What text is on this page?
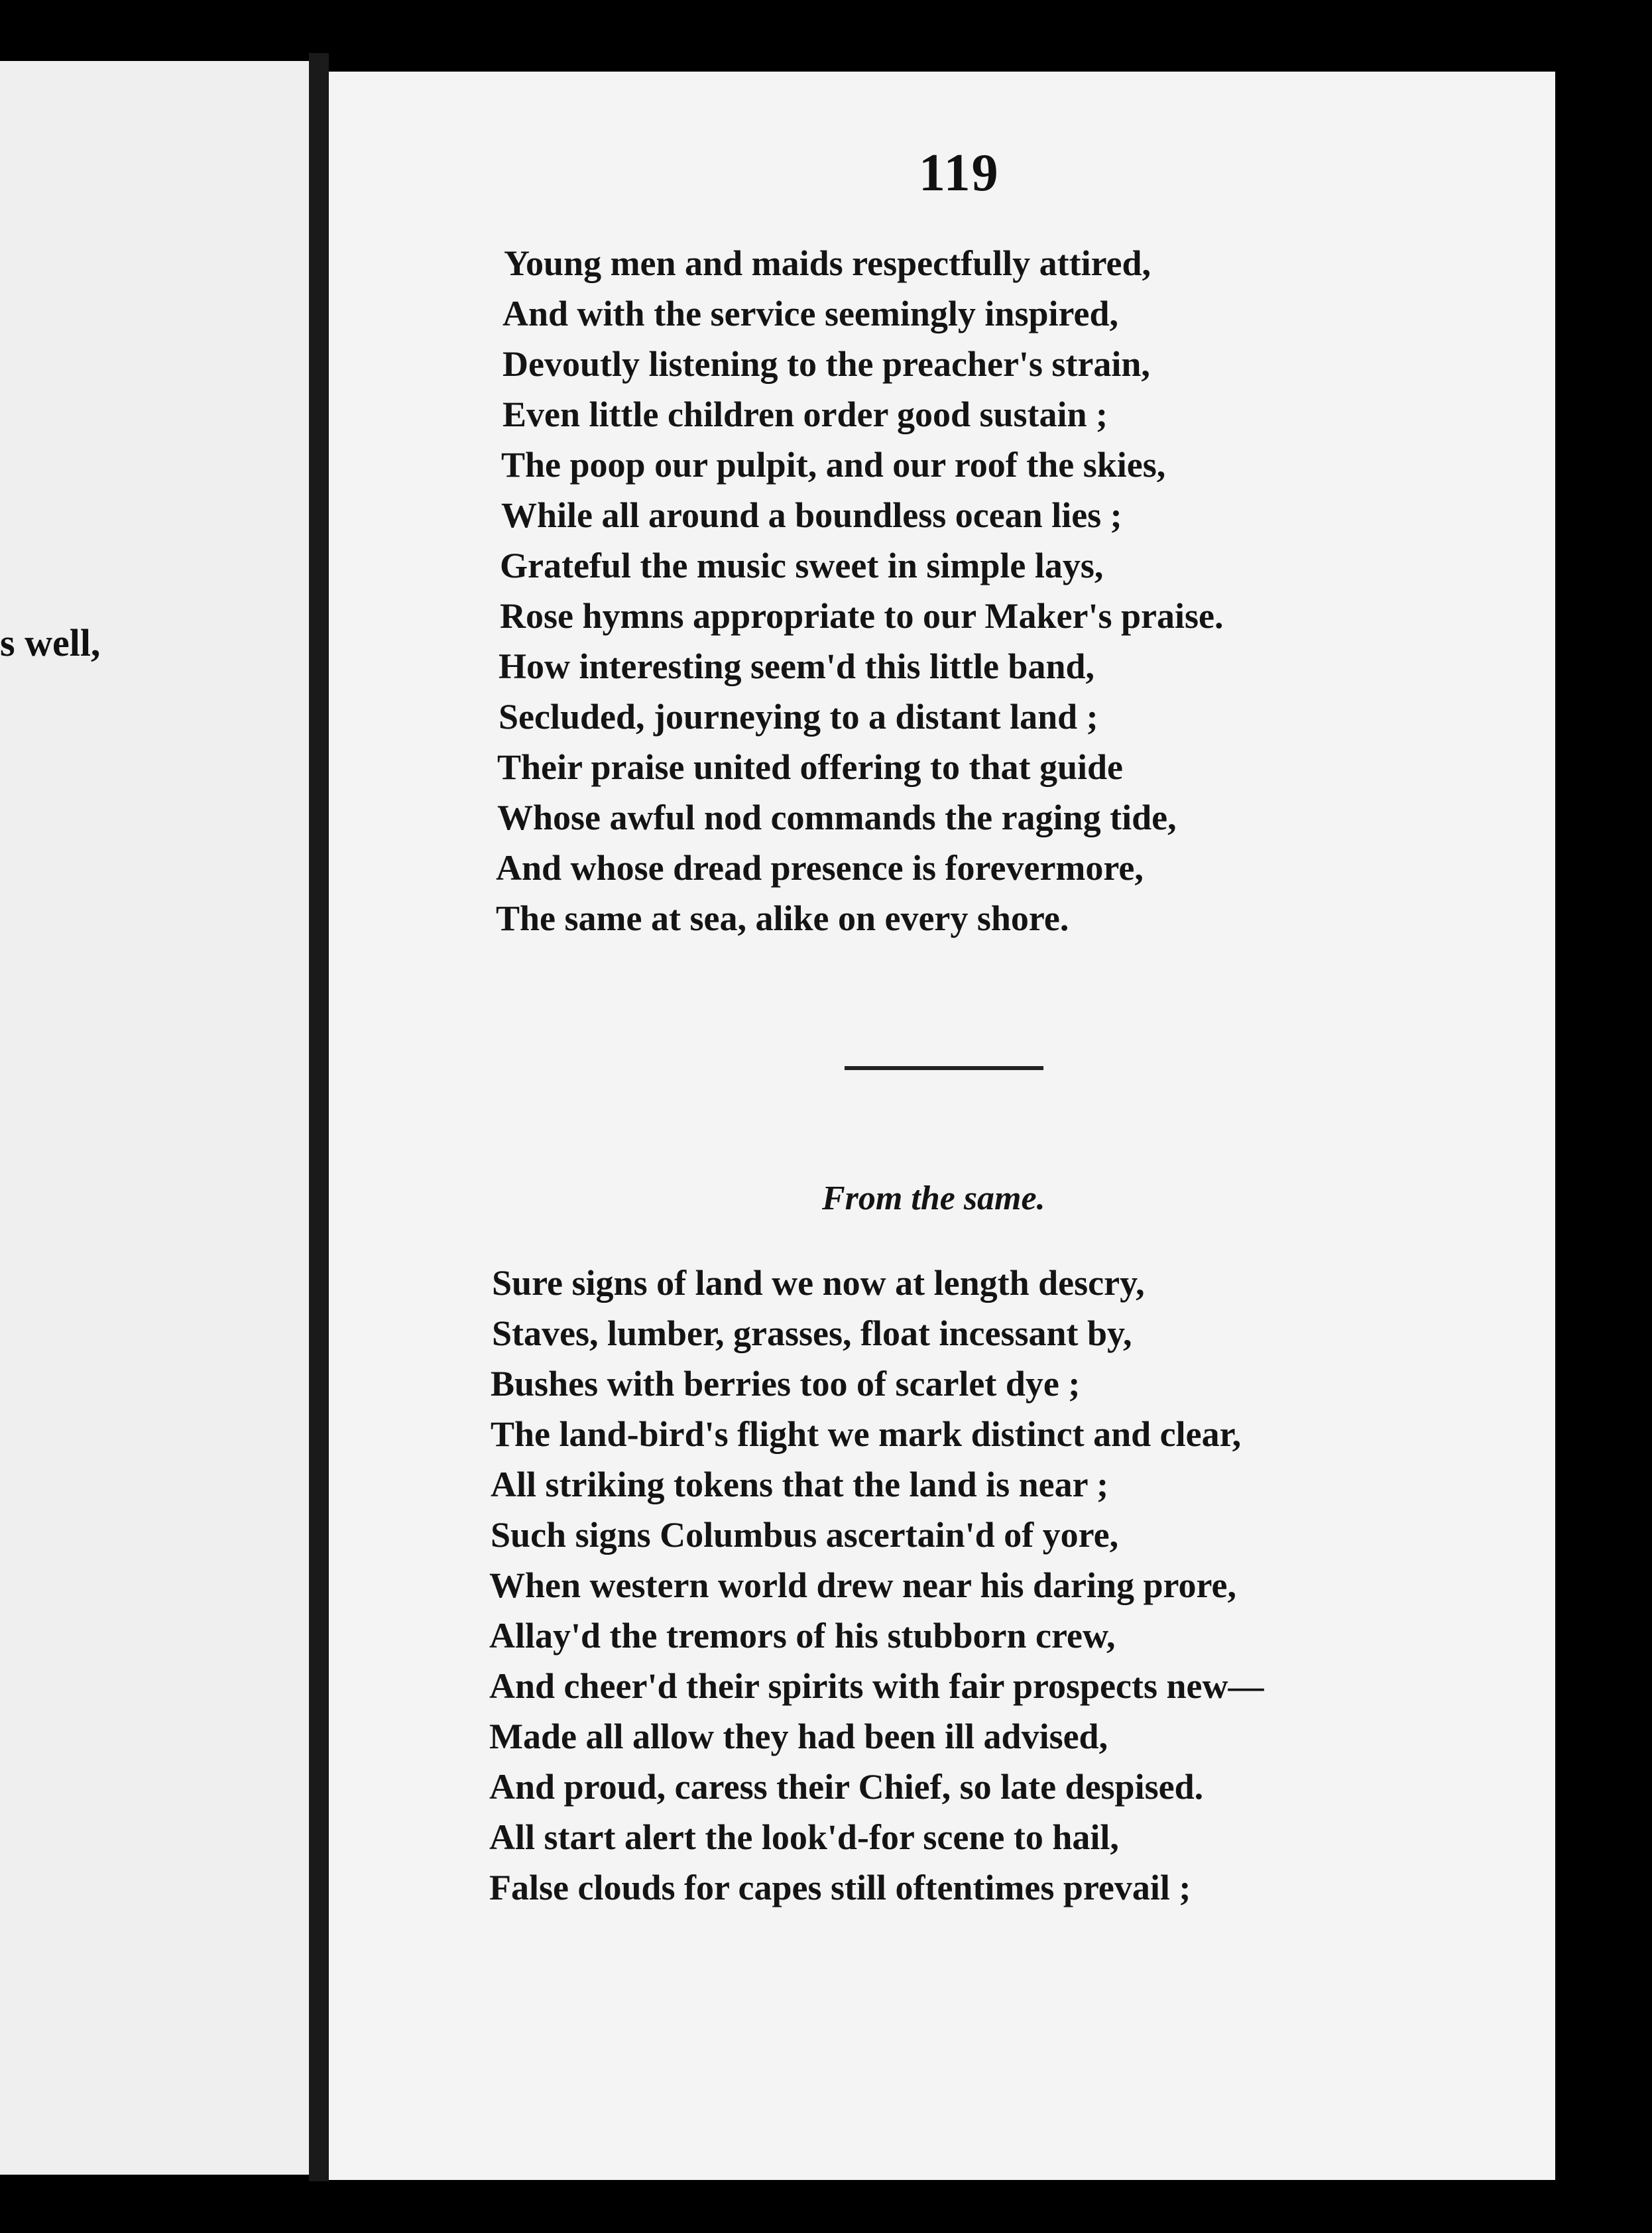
s well,
119
Young men and maids respectfully attired,
And with the service seemingly inspired,
Devoutly listening to the preacher's strain,
Even little children order good sustain ;
The poop our pulpit, and our roof the skies,
While all around a boundless ocean lies ;
Grateful the music sweet in simple lays,
Rose hymns appropriate to our Maker's praise.
How interesting seem'd this little band,
Secluded, journeying to a distant land ;
Their praise united offering to that guide
Whose awful nod commands the raging tide,
And whose dread presence is forevermore,
The same at sea, alike on every shore.
From the same.
Sure signs of land we now at length descry,
Staves, lumber, grasses, float incessant by,
Bushes with berries too of scarlet dye ;
The land-bird's flight we mark distinct and clear,
All striking tokens that the land is near ;
Such signs Columbus ascertain'd of yore,
When western world drew near his daring prore,
Allay'd the tremors of his stubborn crew,
And cheer'd their spirits with fair prospects new—
Made all allow they had been ill advised,
And proud, caress their Chief, so late despised.
All start alert the look'd-for scene to hail,
False clouds for capes still oftentimes prevail ;
